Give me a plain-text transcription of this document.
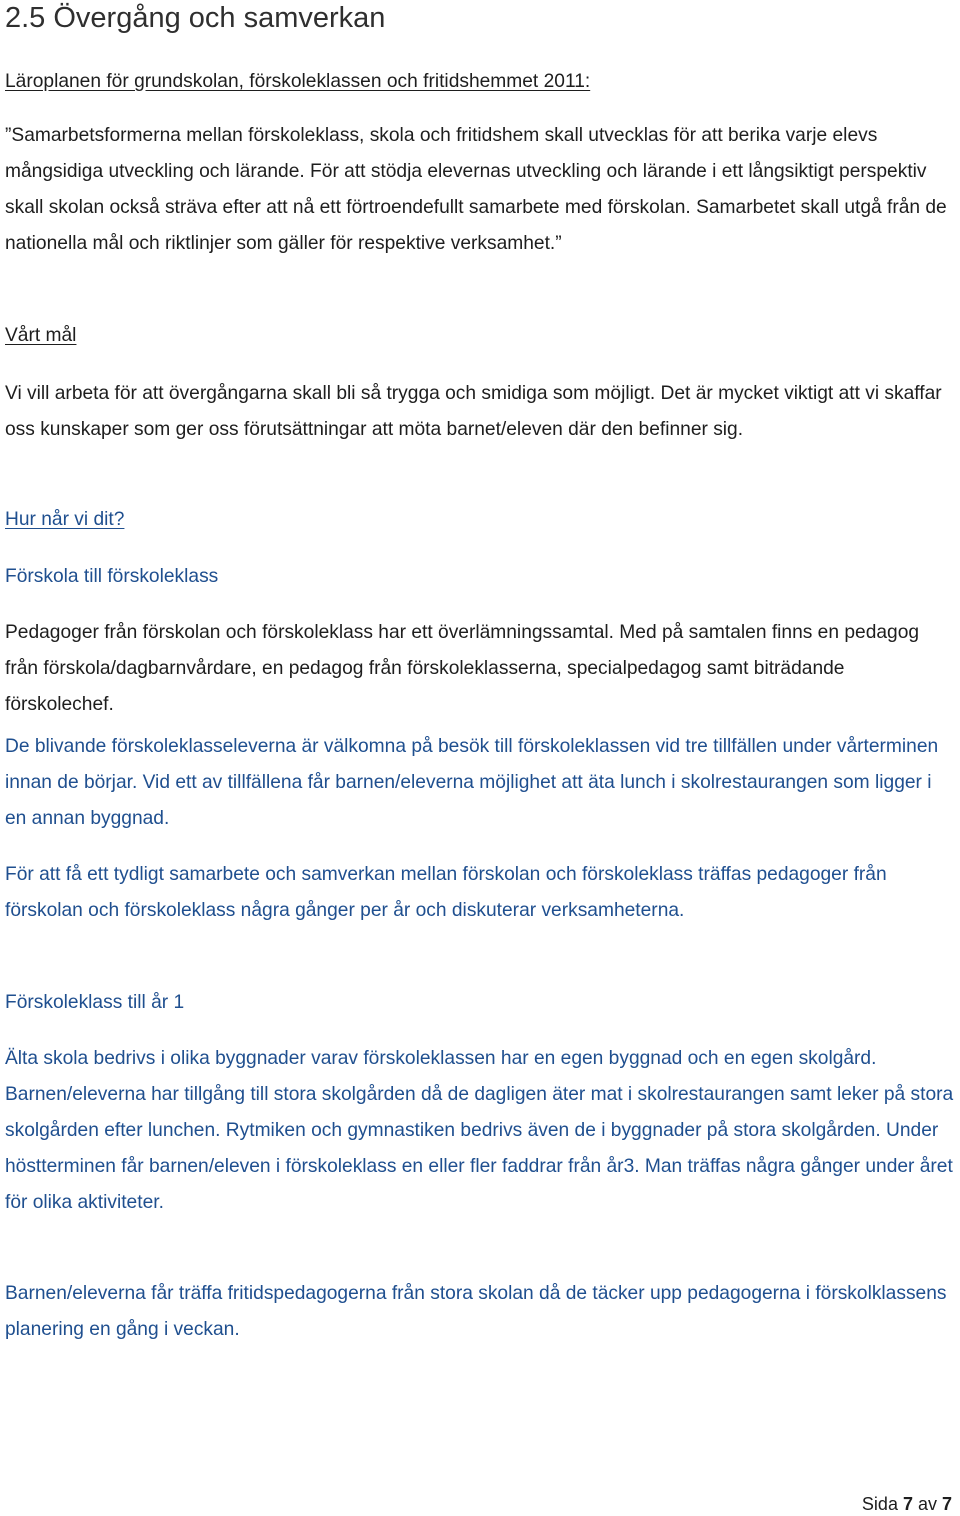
2.5 Övergång och samverkan

Läroplanen för grundskolan, förskoleklassen och fritidshemmet 2011:

”Samarbetsformerna mellan förskoleklass, skola och fritidshem skall utvecklas för att berika varje elevs mångsidiga utveckling och lärande. För att stödja elevernas utveckling och lärande i ett långsiktigt perspektiv skall skolan också sträva efter att nå ett förtroendefullt samarbete med förskolan. Samarbetet skall utgå från de nationella mål och riktlinjer som gäller för respektive verksamhet.”

Vårt mål

Vi vill arbeta för att övergångarna skall bli så trygga och smidiga som möjligt. Det är mycket viktigt att vi skaffar oss kunskaper som ger oss förutsättningar att möta barnet/eleven där den befinner sig.

Hur når vi dit?

Förskola till förskoleklass

Pedagoger från förskolan och förskoleklass har ett överlämningssamtal. Med på samtalen finns en pedagog från förskola/dagbarnvårdare, en pedagog från förskoleklasserna, specialpedagog samt biträdande förskolechef.

De blivande förskoleklasseleverna är välkomna på besök till förskoleklassen vid tre tillfällen under vårterminen innan de börjar. Vid ett av tillfällena får barnen/eleverna möjlighet att äta lunch i skolrestaurangen som ligger i en annan byggnad.

För att få ett tydligt samarbete och samverkan mellan förskolan och förskoleklass träffas pedagoger från förskolan och förskoleklass några gånger per år och diskuterar verksamheterna.

Förskoleklass till år 1

Älta skola bedrivs i olika byggnader varav förskoleklassen har en egen byggnad och en egen skolgård. Barnen/eleverna har tillgång till stora skolgården då de dagligen äter mat i skolrestaurangen samt leker på stora skolgården efter lunchen. Rytmiken och gymnastiken bedrivs även de i byggnader på stora skolgården. Under höstterminen får barnen/eleven i förskoleklass en eller fler faddrar från år3. Man träffas några gånger under året för olika aktiviteter.

Barnen/eleverna får träffa fritidspedagogerna från stora skolan då de täcker upp pedagogerna i förskolklassens planering en gång i veckan.

Sida 7 av 7
